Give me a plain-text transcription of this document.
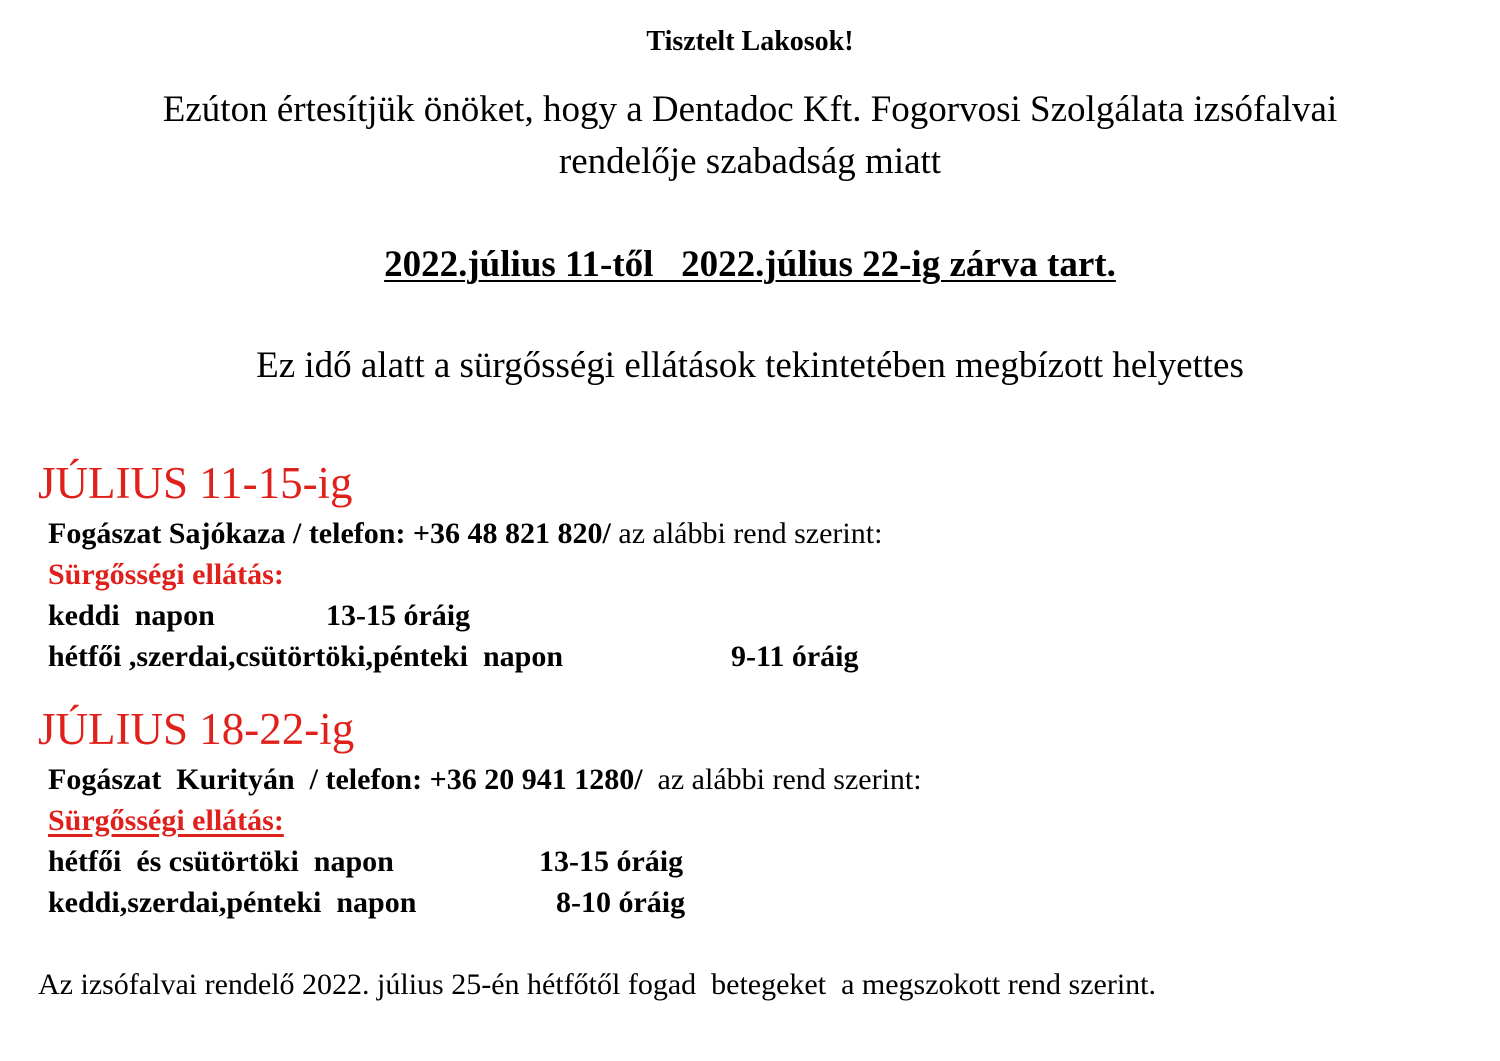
Tisztelt Lakosok!
Ezúton értesítjük önöket, hogy a Dentadoc Kft. Fogorvosi Szolgálata izsófalvai
rendelője szabadság miatt
2022.július 11-től   2022.július 22-ig zárva tart.
Ez idő alatt a sürgősségi ellátások tekintetében megbízott helyettes
JÚLIUS 11-15-ig
Fogászat Sajókaza / telefon: +36 48 821 820/ az alábbi rend szerint:
Sürgősségi ellátás:
keddi  napon	13-15 óráig
hétfői ,szerdai,csütörtöki,pénteki  napon	9-11 óráig
JÚLIUS 18-22-ig
Fogászat  Kurityán  / telefon: +36 20 941 1280/  az alábbi rend szerint:
Sürgősségi ellátás:
hétfői  és csütörtöki  napon	13-15 óráig
keddi,szerdai,pénteki  napon	8-10 óráig
Az izsófalvai rendelő 2022. július 25-én hétfőtől fogad  betegeket  a megszokott rend szerint.
